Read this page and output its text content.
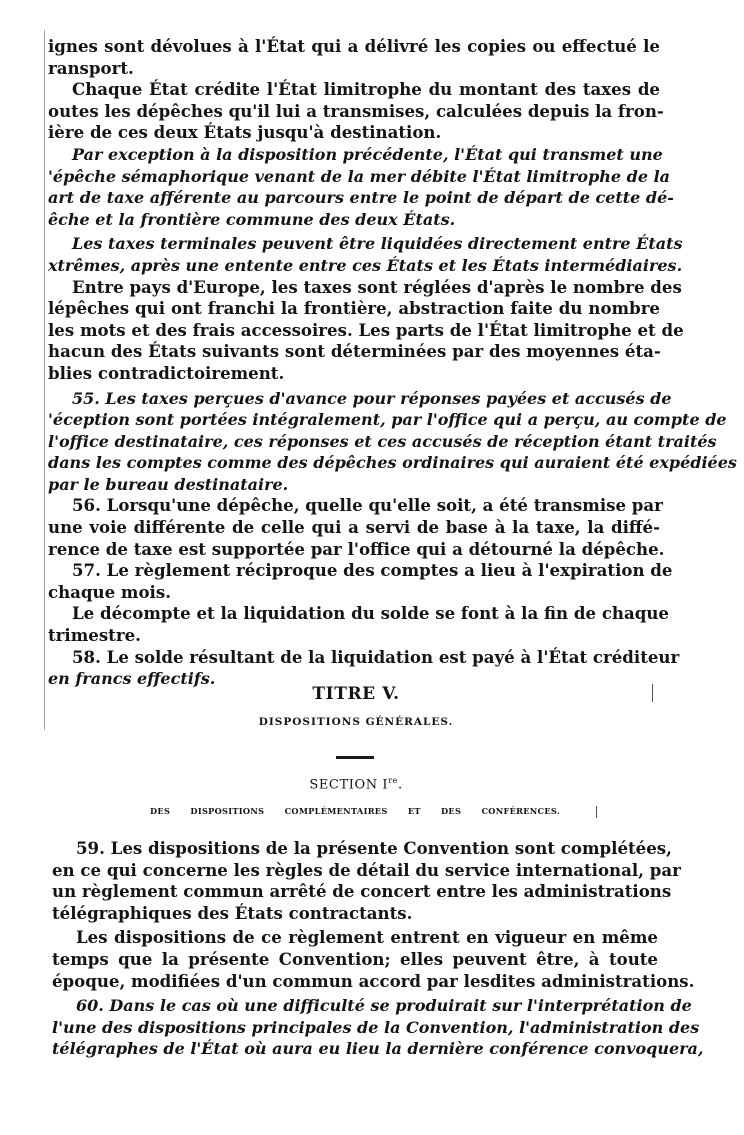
ignes sont dévolues à l'État qui a délivré les copies ou effectué le

ransport.

Chaque État crédite l'État limitrophe du montant des taxes de

outes les dépêches qu'il lui a transmises, calculées depuis la fron-

ière de ces deux États jusqu'à destination.

Par exception à la disposition précédente, l'État qui transmet une

'épêche sémaphorique venant de la mer débite l'État limitrophe de la

art de taxe afférente au parcours entre le point de départ de cette dé-

êche et la frontière commune des deux États.

Les taxes terminales peuvent être liquidées directement entre États

xtrêmes, après une entente entre ces États et les États intermédiaires.

Entre pays d'Europe, les taxes sont réglées d'après le nombre des

lépêches qui ont franchi la frontière, abstraction faite du nombre

les mots et des frais accessoires. Les parts de l'État limitrophe et de

hacun des États suivants sont déterminées par des moyennes éta-

blies contradictoirement.

55. Les taxes perçues d'avance pour réponses payées et accusés de

'éception sont portées intégralement, par l'office qui a perçu, au compte de

l'office destinataire, ces réponses et ces accusés de réception étant traités

dans les comptes comme des dépêches ordinaires qui auraient été expédiées

par le bureau destinataire.

56. Lorsqu'une dépêche, quelle qu'elle soit, a été transmise par

une voie différente de celle qui a servi de base à la taxe, la diffé-

rence de taxe est supportée par l'office qui a détourné la dépêche.

57. Le règlement réciproque des comptes a lieu à l'expiration de

chaque mois.

Le décompte et la liquidation du solde se font à la fin de chaque

trimestre.

58. Le solde résultant de la liquidation est payé à l'État créditeur

en francs effectifs.

TITRE V.

DISPOSITIONS GÉNÉRALES.

SECTION Ire.

DES DISPOSITIONS COMPLÉMENTAIRES ET DES CONFÉRENCES.

59. Les dispositions de la présente Convention sont complétées,

en ce qui concerne les règles de détail du service international, par

un règlement commun arrêté de concert entre les administrations

télégraphiques des États contractants.

Les dispositions de ce règlement entrent en vigueur en même

temps que la présente Convention; elles peuvent être, à toute

époque, modifiées d'un commun accord par lesdites administrations.

60. Dans le cas où une difficulté se produirait sur l'interprétation de

l'une des dispositions principales de la Convention, l'administration des

télégraphes de l'État où aura eu lieu la dernière conférence convoquera,
